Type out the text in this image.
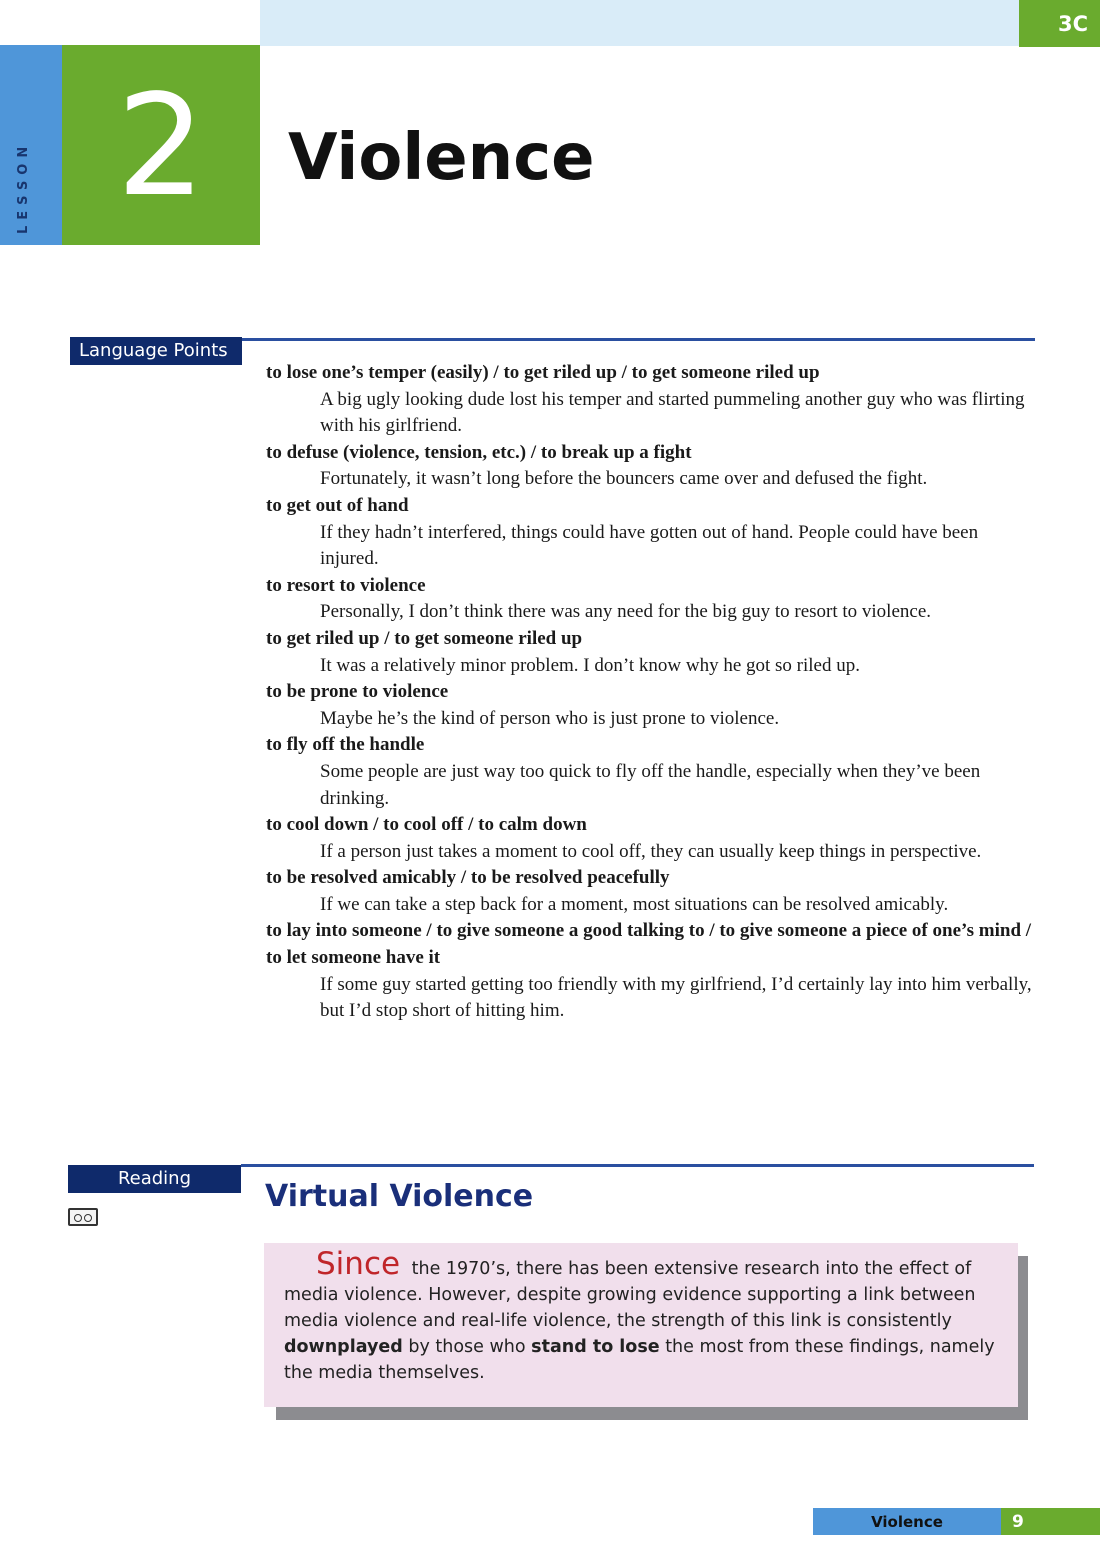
3C
LESSON 2	Violence
Language Points
to lose one’s temper (easily) / to get riled up / to get someone riled up
A big ugly looking dude lost his temper and started pummeling another guy who was flirting with his girlfriend.
to defuse (violence, tension, etc.) / to break up a fight
Fortunately, it wasn’t long before the bouncers came over and defused the fight.
to get out of hand
If they hadn’t interfered, things could have gotten out of hand. People could have been injured.
to resort to violence
Personally, I don’t think there was any need for the big guy to resort to violence.
to get riled up / to get someone riled up
It was a relatively minor problem. I don’t know why he got so riled up.
to be prone to violence
Maybe he’s the kind of person who is just prone to violence.
to fly off the handle
Some people are just way too quick to fly off the handle, especially when they’ve been drinking.
to cool down / to cool off / to calm down
If a person just takes a moment to cool off, they can usually keep things in perspective.
to be resolved amicably / to be resolved peacefully
If we can take a step back for a moment, most situations can be resolved amicably.
to lay into someone / to give someone a good talking to / to give someone a piece of one’s mind / to let someone have it
If some guy started getting too friendly with my girlfriend, I’d certainly lay into him verbally, but I’d stop short of hitting him.
Reading
Virtual Violence
Since the 1970’s, there has been extensive research into the effect of media violence. However, despite growing evidence supporting a link between media violence and real-life violence, the strength of this link is consistently downplayed by those who stand to lose the most from these findings, namely the media themselves.
Violence	9
